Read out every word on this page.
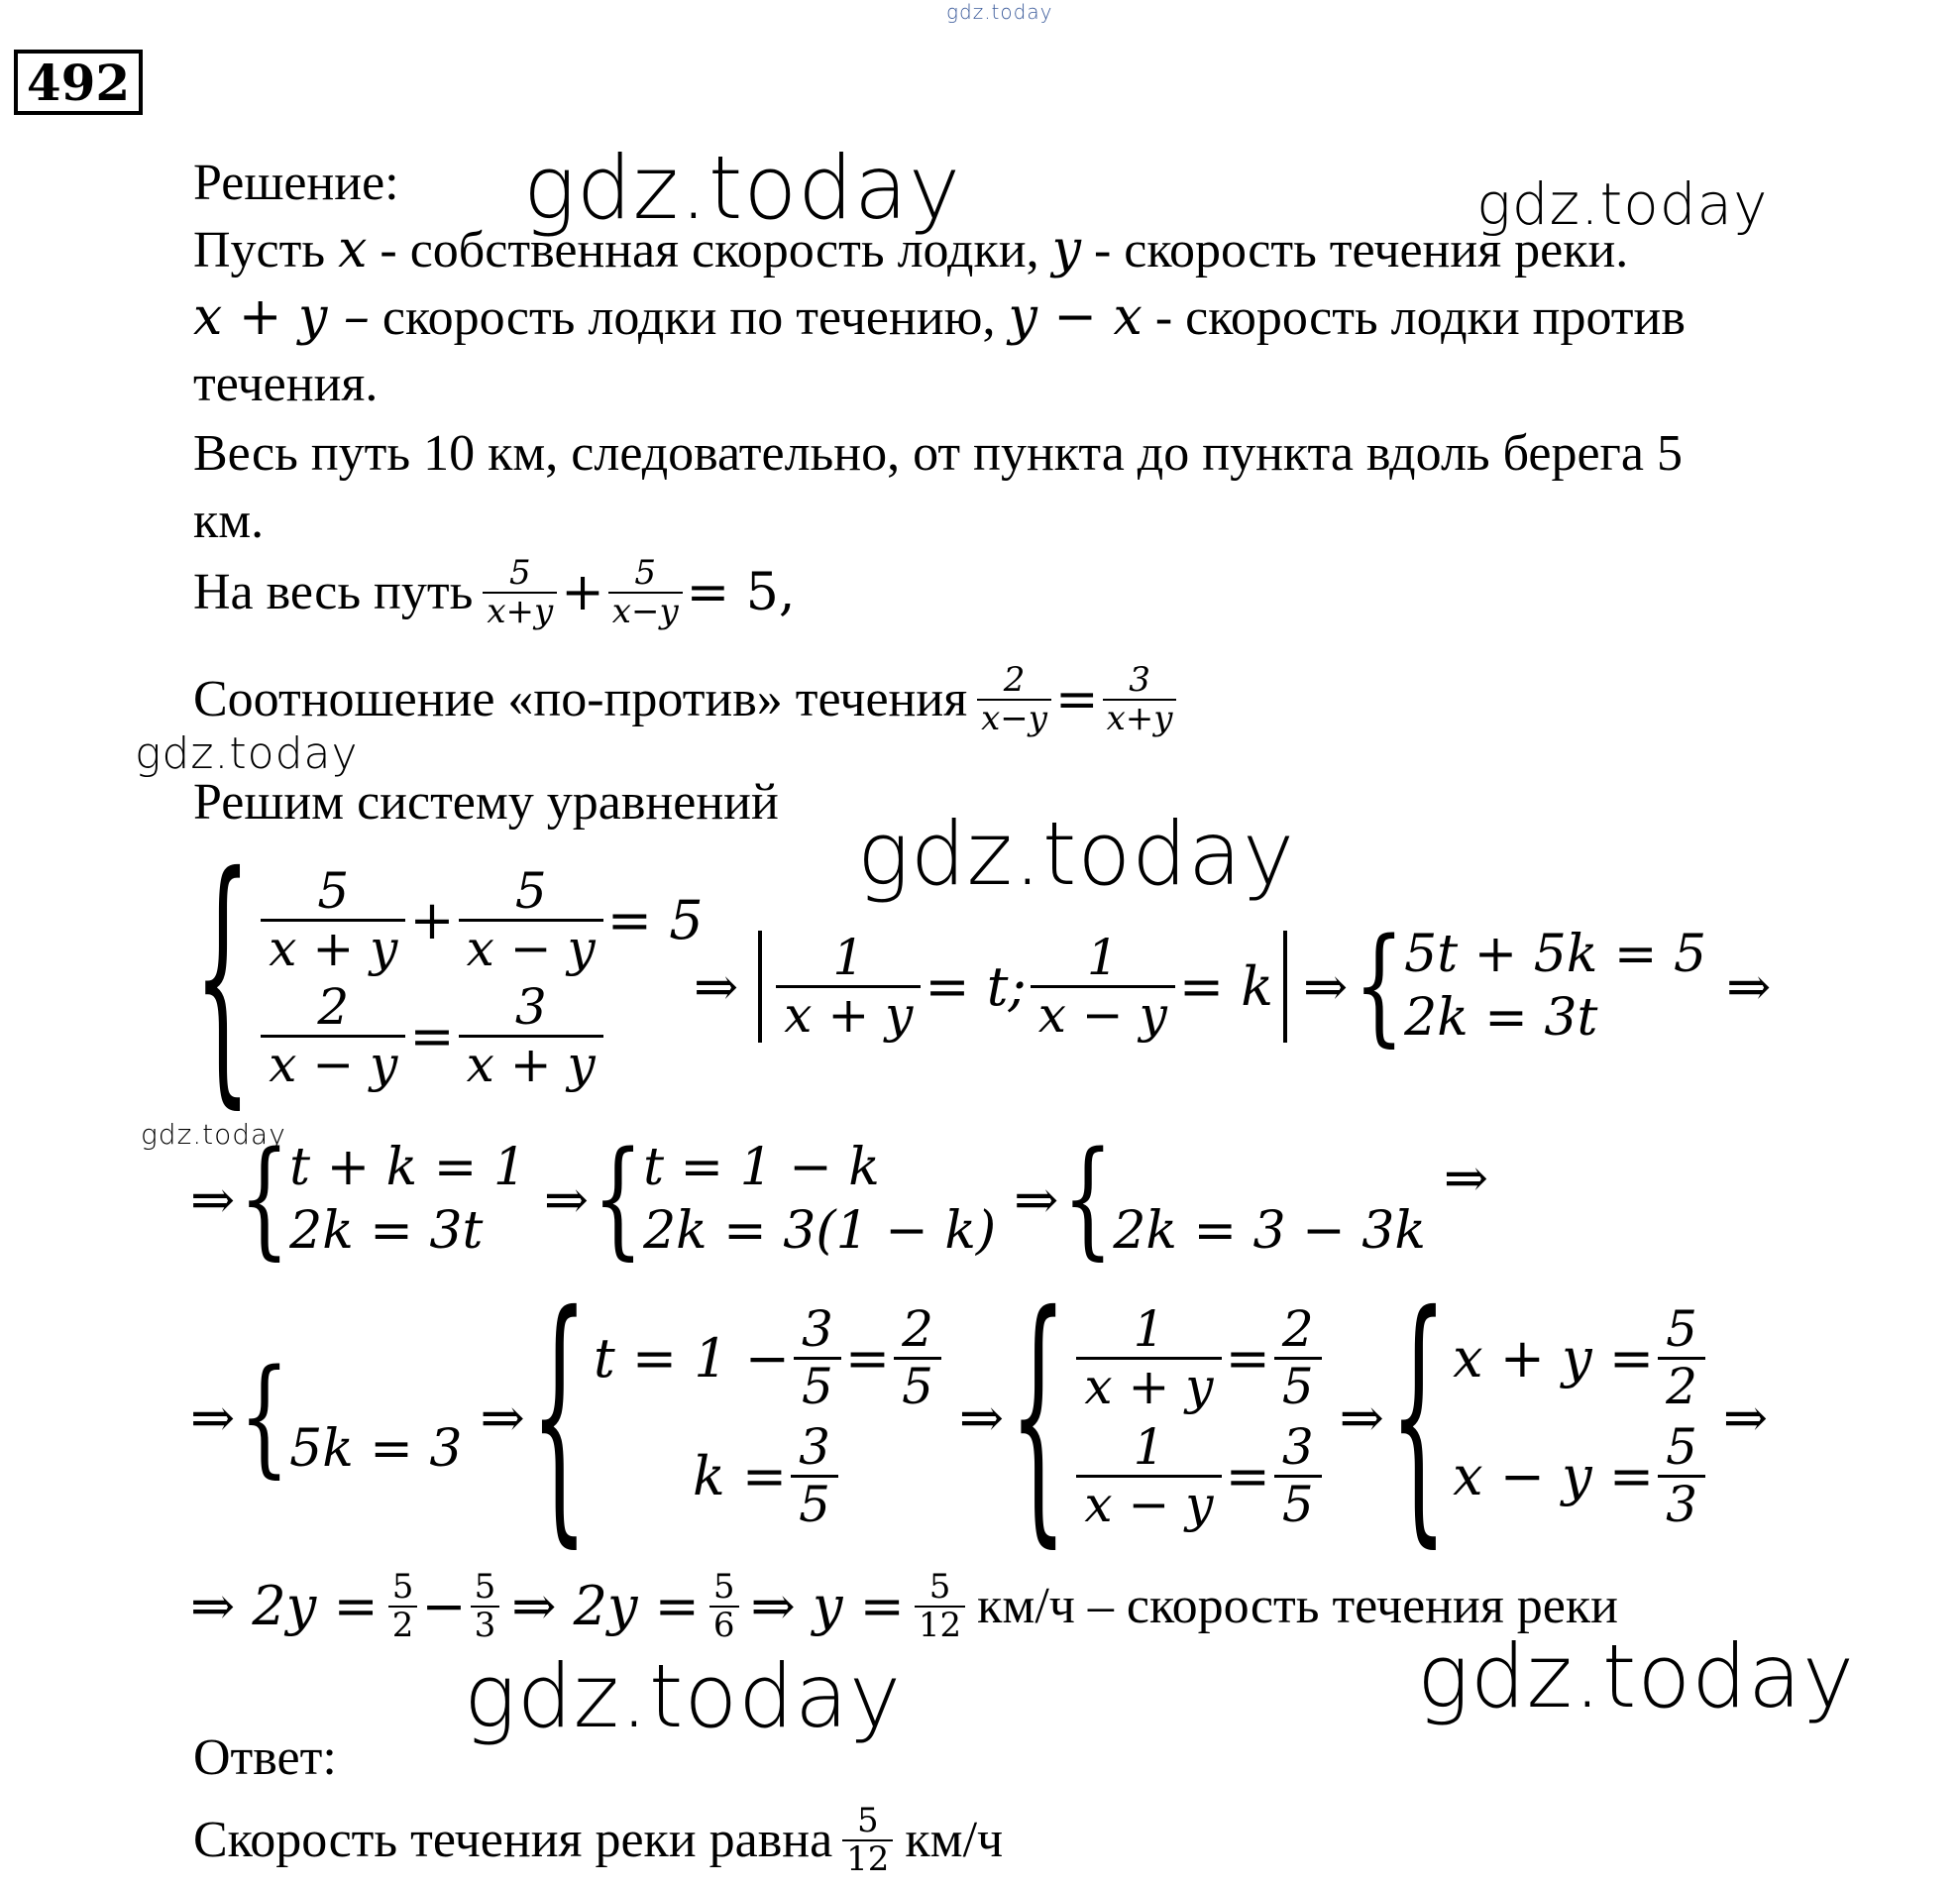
gdz.today
492
gdz.today	gdz.today
gdz.today
gdz.today
gdz.today
gdz.today	gdz.today
Решение:
Пусть x - собственная скорость лодки, y - скорость течения реки.
x + y – скорость лодки по течению, y − x - скорость лодки против
течения.
Весь путь 10 км, следовательно, от пункта до пункта вдоль берега 5
км.
На весь путь $\frac{5}{x+y} + \frac{5}{x-y} = 5$,
Соотношение «по-против» течения $\frac{2}{x-y} = \frac{3}{x+y}$
Решим систему уравнений
{ $\frac{5}{x + y} + \frac{5}{x - y} = 5$
$\frac{2}{x - y} = \frac{3}{x + y}$ ⇒ $\frac{1}{x + y} = t$; $\frac{1}{x - y} = k$ ⇒ { 5t + 5k = 5
2k = 3t
⇒
⇒ { t + k = 1
2k = 3t
⇒ { t = 1 − k
2k = 3(1 − k)
⇒ { 2k = 3 − 3k
⇒
⇒ { 5k = 3
⇒ { $t = 1 - \frac{3}{5} = \frac{2}{5}$
$k = \frac{3}{5}$
⇒ { $\frac{1}{x + y} = \frac{2}{5}$
$\frac{1}{x - y} = \frac{3}{5}$
⇒ { $x + y = \frac{5}{2}$
$x - y = \frac{5}{3}$
⇒
⇒ $2y = \frac{5}{2} - \frac{5}{3}$ ⇒ $2y = \frac{5}{6}$ ⇒ $y = \frac{5}{12} км/ч$ – скорость течения реки
Ответ:
Скорость течения реки равна $\frac{5}{12} км/ч$
